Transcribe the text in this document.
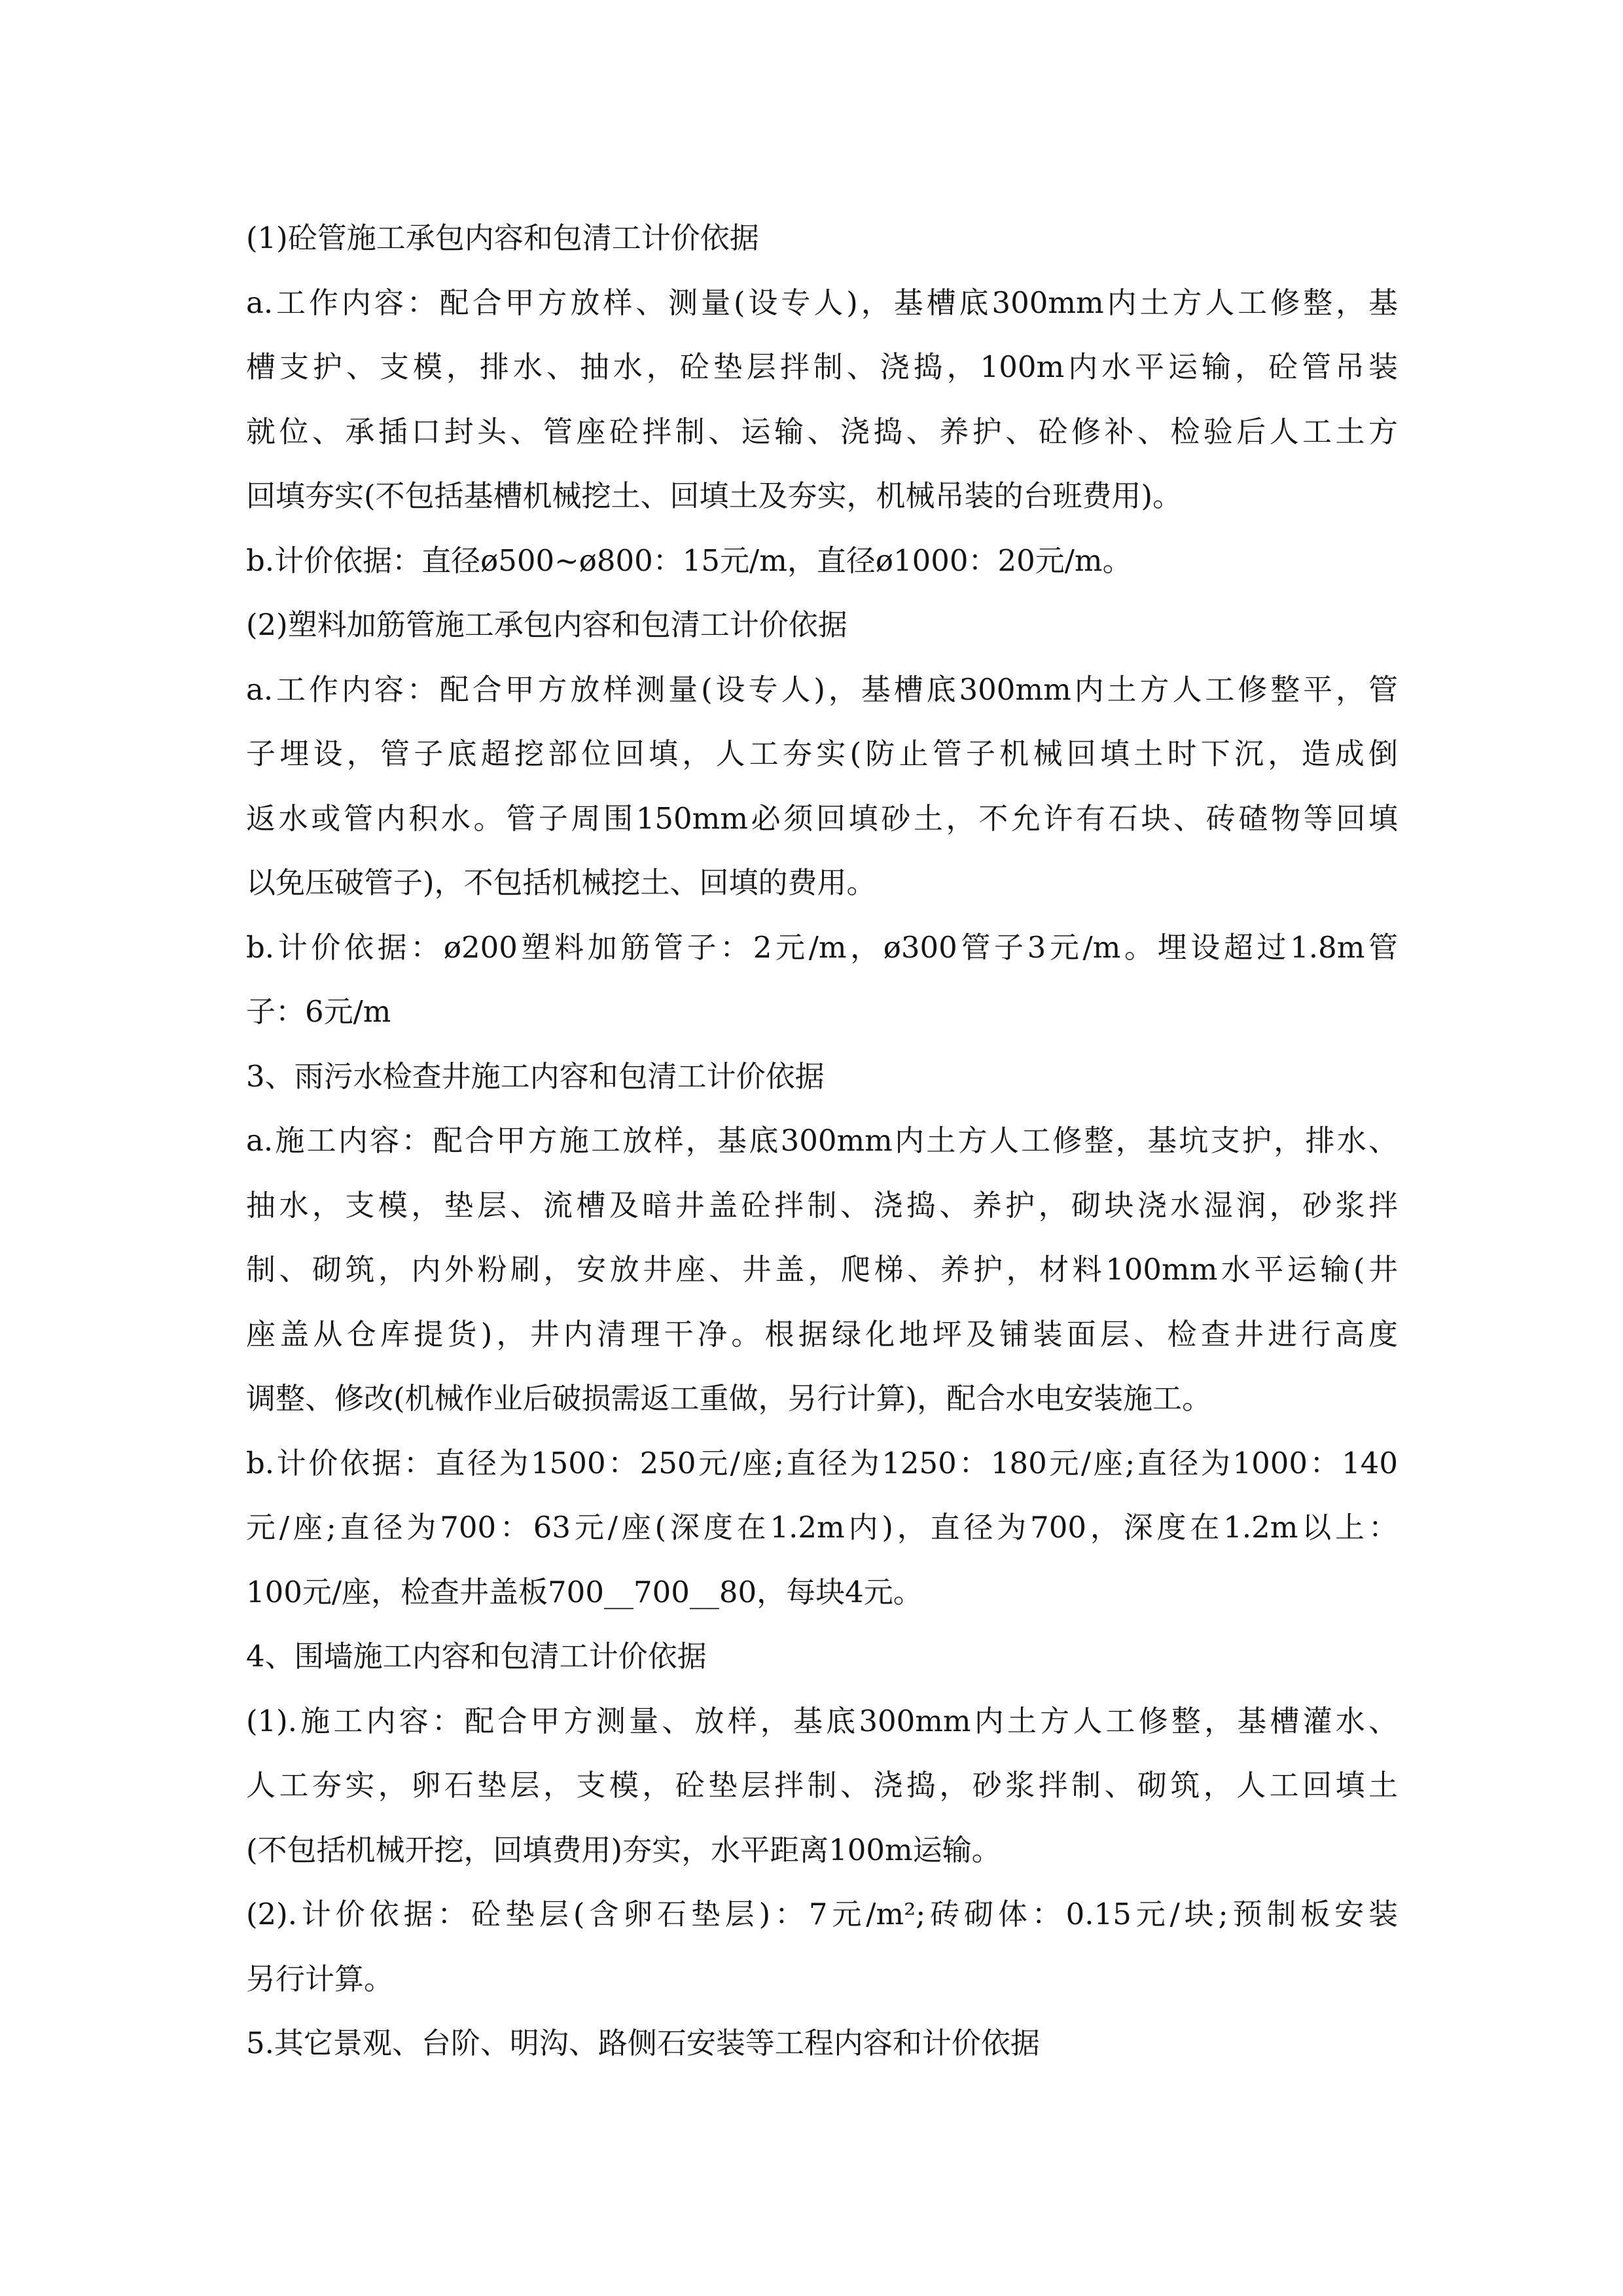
(1)砼管施工承包内容和包清工计价依据
a.工作内容：配合甲方放样、测量(设专人)，基槽底300mm内土方人工修整，基
槽支护、支模，排水、抽水，砼垫层拌制、浇捣，100m内水平运输，砼管吊装
就位、承插口封头、管座砼拌制、运输、浇捣、养护、砼修补、检验后人工土方
回填夯实(不包括基槽机械挖土、回填土及夯实，机械吊装的台班费用)。
b.计价依据：直径ø500~ø800：15元/m，直径ø1000：20元/m。
(2)塑料加筋管施工承包内容和包清工计价依据
a.工作内容：配合甲方放样测量(设专人)，基槽底300mm内土方人工修整平，管
子埋设，管子底超挖部位回填，人工夯实(防止管子机械回填土时下沉，造成倒
返水或管内积水。管子周围150mm必须回填砂土，不允许有石块、砖碴物等回填
以免压破管子)，不包括机械挖土、回填的费用。
b.计价依据：ø200塑料加筋管子：2元/m，ø300管子3元/m。埋设超过1.8m管
子：6元/m
3、雨污水检查井施工内容和包清工计价依据
a.施工内容：配合甲方施工放样，基底300mm内土方人工修整，基坑支护，排水、
抽水，支模，垫层、流槽及暗井盖砼拌制、浇捣、养护，砌块浇水湿润，砂浆拌
制、砌筑，内外粉刷，安放井座、井盖，爬梯、养护，材料100mm水平运输(井
座盖从仓库提货)，井内清理干净。根据绿化地坪及铺装面层、检查井进行高度
调整、修改(机械作业后破损需返工重做，另行计算)，配合水电安装施工。
b.计价依据：直径为1500：250元/座;直径为1250：180元/座;直径为1000：140
元/座;直径为700：63元/座(深度在1.2m内)，直径为700，深度在1.2m以上：
100元/座，检查井盖板700__700__80，每块4元。
4、围墙施工内容和包清工计价依据
(1).施工内容：配合甲方测量、放样，基底300mm内土方人工修整，基槽灌水、
人工夯实，卵石垫层，支模，砼垫层拌制、浇捣，砂浆拌制、砌筑，人工回填土
(不包括机械开挖，回填费用)夯实，水平距离100m运输。
(2).计价依据：砼垫层(含卵石垫层)：7元/m²;砖砌体：0.15元/块;预制板安装
另行计算。
5.其它景观、台阶、明沟、路侧石安装等工程内容和计价依据
